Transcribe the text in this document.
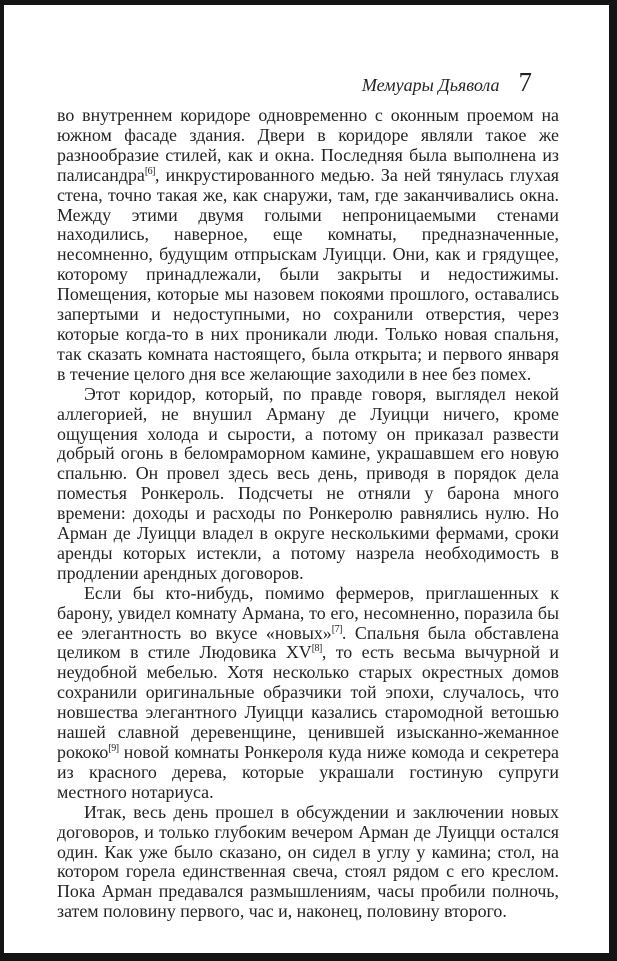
Мемуары Дьявола 7

во внутреннем коридоре одновременно с оконным проемом на южном фасаде здания. Двери в коридоре являли такое же разнообразие стилей, как и окна. Последняя была выполнена из палисандра[6], инкрустированного медью. За ней тянулась глухая стена, точно такая же, как снаружи, там, где заканчивались окна. Между этими двумя голыми непроницаемыми стенами находились, наверное, еще комнаты, предназначенные, несомненно, будущим отпрыскам Луицци. Они, как и грядущее, которому принадлежали, были закрыты и недостижимы. Помещения, которые мы назовем покоями прошлого, оставались запертыми и недоступными, но сохранили отверстия, через которые когда-то в них проникали люди. Только новая спальня, так сказать комната настоящего, была открыта; и первого января в течение целого дня все желающие заходили в нее без помех.

Этот коридор, который, по правде говоря, выглядел некой аллегорией, не внушил Арману де Луицци ничего, кроме ощущения холода и сырости, а потому он приказал развести добрый огонь в беломраморном камине, украшавшем его новую спальню. Он провел здесь весь день, приводя в порядок дела поместья Ронкероль. Подсчеты не отняли у барона много времени: доходы и расходы по Ронкеролю равнялись нулю. Но Арман де Луицци владел в округе несколькими фермами, сроки аренды которых истекли, а потому назрела необходимость в продлении арендных договоров.

Если бы кто-нибудь, помимо фермеров, приглашенных к барону, увидел комнату Армана, то его, несомненно, поразила бы ее элегантность во вкусе «новых»[7]. Спальня была обставлена целиком в стиле Людовика XV[8], то есть весьма вычурной и неудобной мебелью. Хотя несколько старых окрестных домов сохранили оригинальные образчики той эпохи, случалось, что новшества элегантного Луицци казались старомодной ветошью нашей славной деревенщине, ценившей изысканно-жеманное рококо[9] новой комнаты Ронкероля куда ниже комода и секретера из красного дерева, которые украшали гостиную супруги местного нотариуса.

Итак, весь день прошел в обсуждении и заключении новых договоров, и только глубоким вечером Арман де Луицци остался один. Как уже было сказано, он сидел в углу у камина; стол, на котором горела единственная свеча, стоял рядом с его креслом. Пока Арман предавался размышлениям, часы пробили полночь, затем половину первого, час и, наконец, половину второго.
